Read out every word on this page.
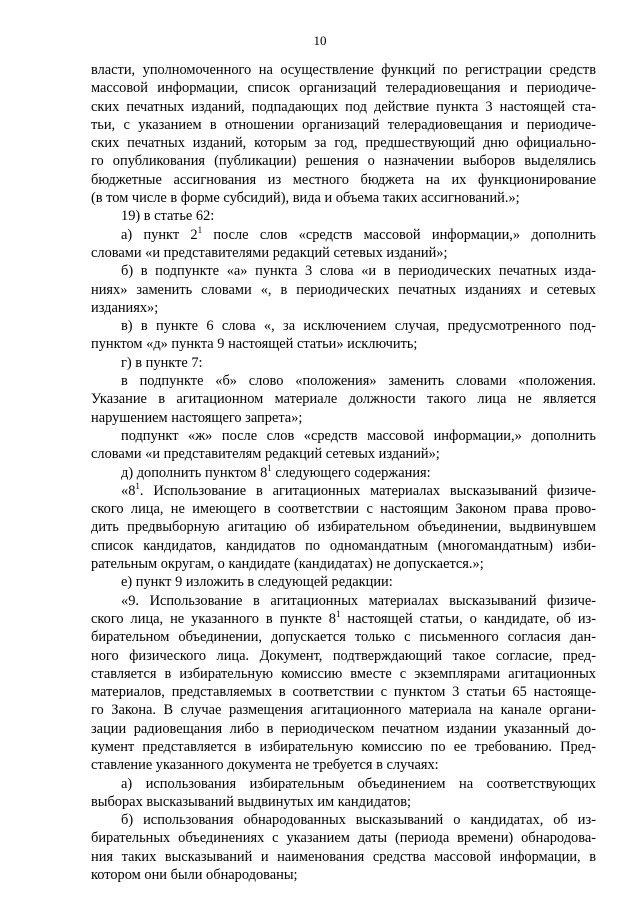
10
власти, уполномоченного на осуществление функций по регистрации средств
массовой информации, список организаций телерадиовещания и периодиче-
ских печатных изданий, подпадающих под действие пункта 3 настоящей ста-
тьи, с указанием в отношении организаций телерадиовещания и периодиче-
ских печатных изданий, которым за год, предшествующий дню официально-
го опубликования (публикации) решения о назначении выборов выделялись
бюджетные ассигнования из местного бюджета на их функционирование
(в том числе в форме субсидий), вида и объема таких ассигнований.»;
19) в статье 62:
а) пункт $2^1$ после слов «средств массовой информации,» дополнить
словами «и представителями редакций сетевых изданий»;
б) в подпункте «а» пункта 3 слова «и в периодических печатных изда-
ниях» заменить словами «, в периодических печатных изданиях и сетевых
изданиях»;
в) в пункте 6 слова «, за исключением случая, предусмотренного под-
пунктом «д» пункта 9 настоящей статьи» исключить;
г) в пункте 7:
в подпункте «б» слово «положения» заменить словами «положения.
Указание в агитационном материале должности такого лица не является
нарушением настоящего запрета»;
подпункт «ж» после слов «средств массовой информации,» дополнить
словами «и представителям редакций сетевых изданий»;
д) дополнить пунктом $8^1$ следующего содержания:
«$8^1$. Использование в агитационных материалах высказываний физиче-
ского лица, не имеющего в соответствии с настоящим Законом права прово-
дить предвыборную агитацию об избирательном объединении, выдвинувшем
список кандидатов, кандидатов по одномандатным (многомандатным) изби-
рательным округам, о кандидате (кандидатах) не допускается.»;
е) пункт 9 изложить в следующей редакции:
«9. Использование в агитационных материалах высказываний физиче-
ского лица, не указанного в пункте $8^1$ настоящей статьи, о кандидате, об из-
бирательном объединении, допускается только с письменного согласия дан-
ного физического лица. Документ, подтверждающий такое согласие, пред-
ставляется в избирательную комиссию вместе с экземплярами агитационных
материалов, представляемых в соответствии с пунктом 3 статьи 65 настояще-
го Закона. В случае размещения агитационного материала на канале органи-
зации радиовещания либо в периодическом печатном издании указанный до-
кумент представляется в избирательную комиссию по ее требованию. Пред-
ставление указанного документа не требуется в случаях:
а) использования избирательным объединением на соответствующих
выборах высказываний выдвинутых им кандидатов;
б) использования обнародованных высказываний о кандидатах, об из-
бирательных объединениях с указанием даты (периода времени) обнародова-
ния таких высказываний и наименования средства массовой информации, в
котором они были обнародованы;
